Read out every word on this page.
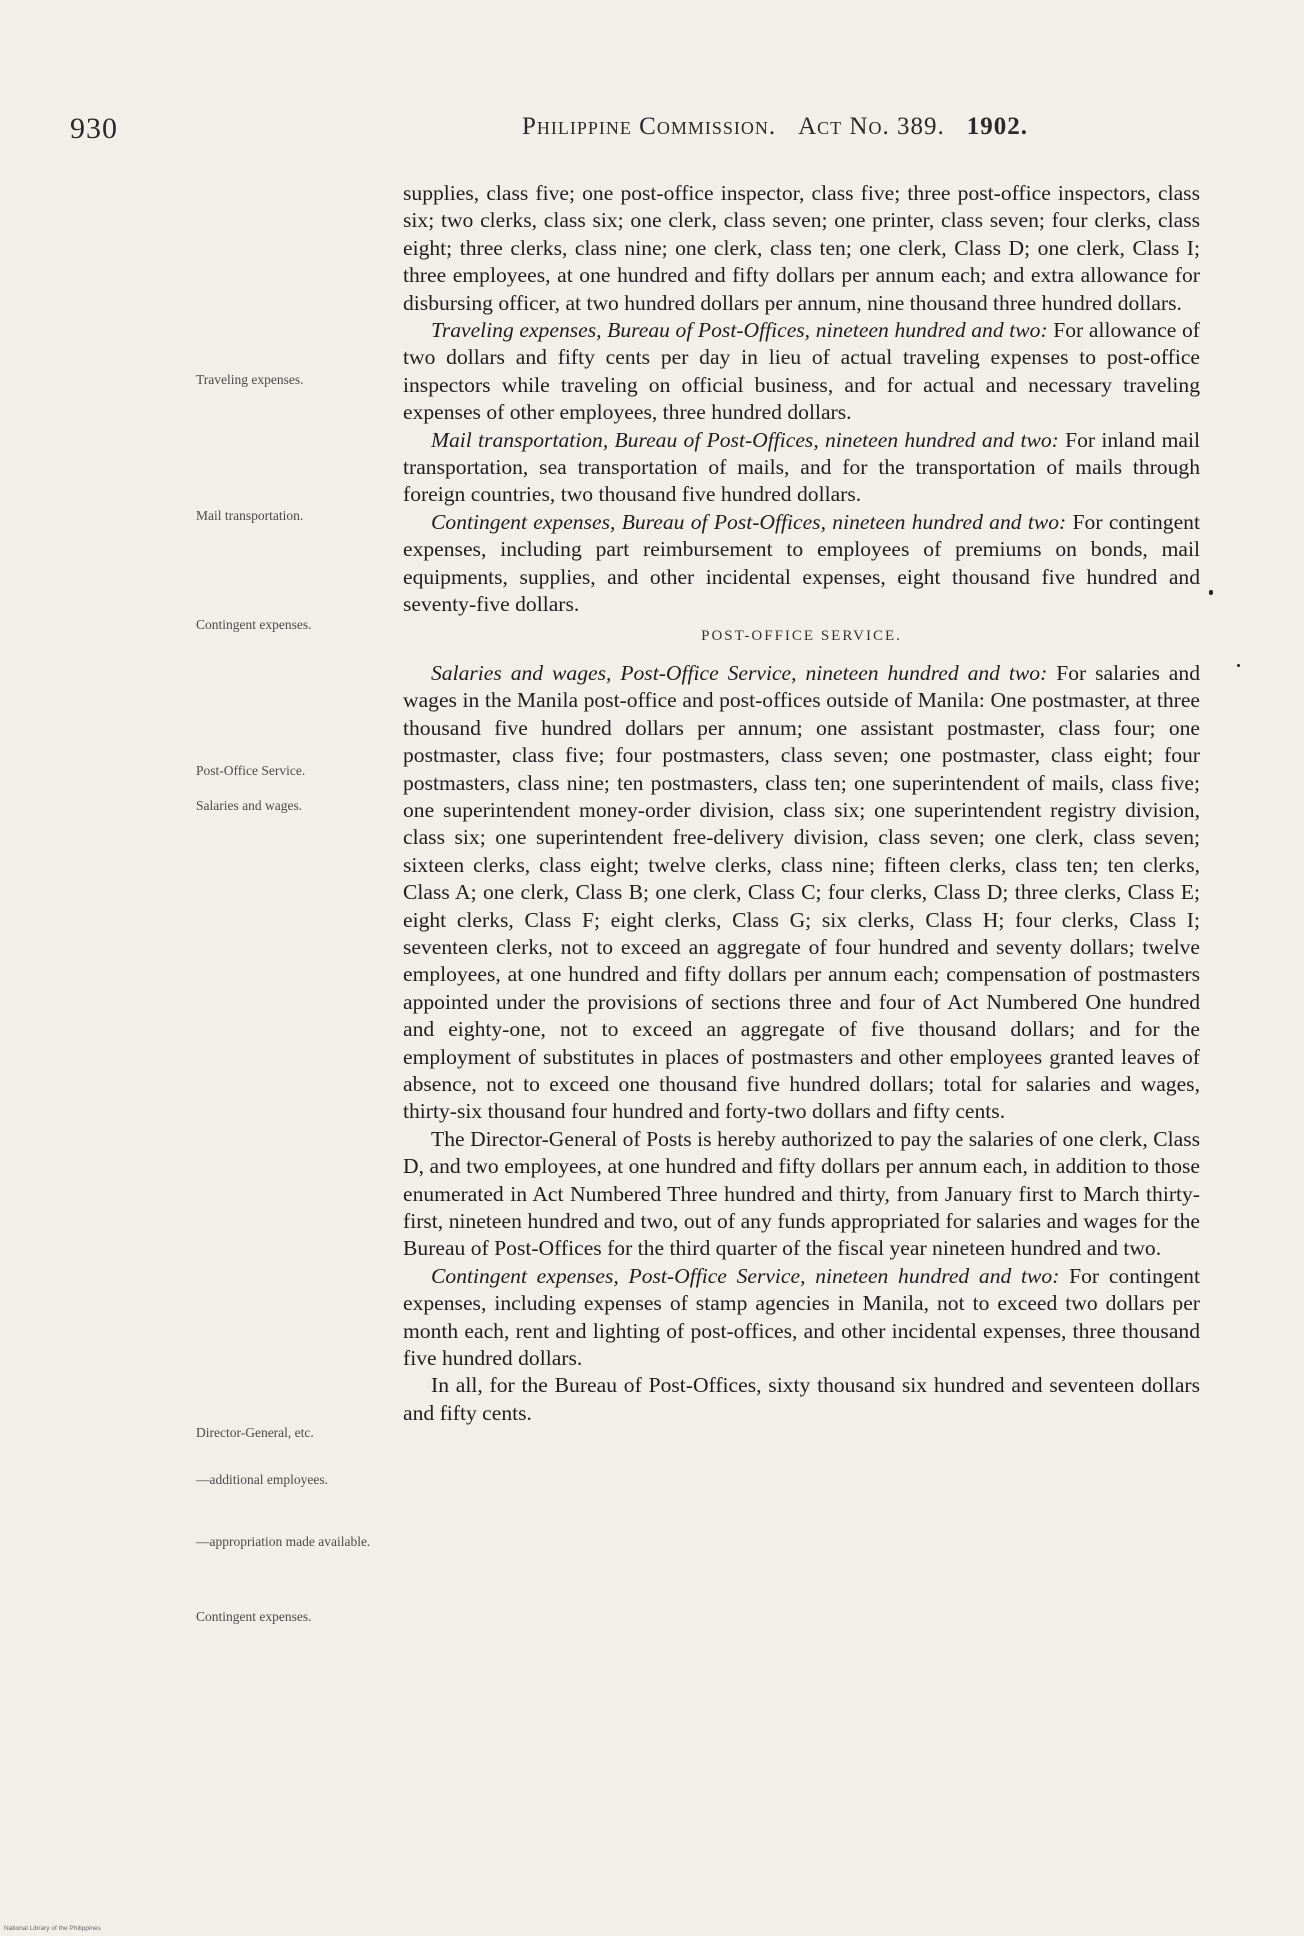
930	Philippine Commission. Act No. 389. 1902.
Traveling expenses.
Mail transportation.
Contingent expenses.
Post-Office Service.
Salaries and wages.
Director-General, etc.
—additional employees.
—appropriation made available.
Contingent expenses.

supplies, class five; one post-office inspector, class five; three post-office inspectors, class six; two clerks, class six; one clerk, class seven; one printer, class seven; four clerks, class eight; three clerks, class nine; one clerk, class ten; one clerk, Class D; one clerk, Class I; three employees, at one hundred and fifty dollars per annum each; and extra allowance for disbursing officer, at two hundred dollars per annum, nine thousand three hundred dollars.

Traveling expenses, Bureau of Post-Offices, nineteen hundred and two: For allowance of two dollars and fifty cents per day in lieu of actual traveling expenses to post-office inspectors while traveling on official business, and for actual and necessary traveling expenses of other employees, three hundred dollars.

Mail transportation, Bureau of Post-Offices, nineteen hundred and two: For inland mail transportation, sea transportation of mails, and for the transportation of mails through foreign countries, two thousand five hundred dollars.

Contingent expenses, Bureau of Post-Offices, nineteen hundred and two: For contingent expenses, including part reimbursement to employees of premiums on bonds, mail equipments, supplies, and other incidental expenses, eight thousand five hundred and seventy-five dollars.

POST-OFFICE SERVICE.

Salaries and wages, Post-Office Service, nineteen hundred and two: For salaries and wages in the Manila post-office and post-offices outside of Manila: One postmaster, at three thousand five hundred dollars per annum; one assistant postmaster, class four; one postmaster, class five; four postmasters, class seven; one postmaster, class eight; four postmasters, class nine; ten postmasters, class ten; one superintendent of mails, class five; one superintendent money-order division, class six; one superintendent registry division, class six; one superintendent free-delivery division, class seven; one clerk, class seven; sixteen clerks, class eight; twelve clerks, class nine; fifteen clerks, class ten; ten clerks, Class A; one clerk, Class B; one clerk, Class C; four clerks, Class D; three clerks, Class E; eight clerks, Class F; eight clerks, Class G; six clerks, Class H; four clerks, Class I; seventeen clerks, not to exceed an aggregate of four hundred and seventy dollars; twelve employees, at one hundred and fifty dollars per annum each; compensation of postmasters appointed under the provisions of sections three and four of Act Numbered One hundred and eighty-one, not to exceed an aggregate of five thousand dollars; and for the employment of substitutes in places of postmasters and other employees granted leaves of absence, not to exceed one thousand five hundred dollars; total for salaries and wages, thirty-six thousand four hundred and forty-two dollars and fifty cents.

The Director-General of Posts is hereby authorized to pay the salaries of one clerk, Class D, and two employees, at one hundred and fifty dollars per annum each, in addition to those enumerated in Act Numbered Three hundred and thirty, from January first to March thirty-first, nineteen hundred and two, out of any funds appropriated for salaries and wages for the Bureau of Post-Offices for the third quarter of the fiscal year nineteen hundred and two.

Contingent expenses, Post-Office Service, nineteen hundred and two: For contingent expenses, including expenses of stamp agencies in Manila, not to exceed two dollars per month each, rent and lighting of post-offices, and other incidental expenses, three thousand five hundred dollars.

In all, for the Bureau of Post-Offices, sixty thousand six hundred and seventeen dollars and fifty cents.

National Library of the Philippines
